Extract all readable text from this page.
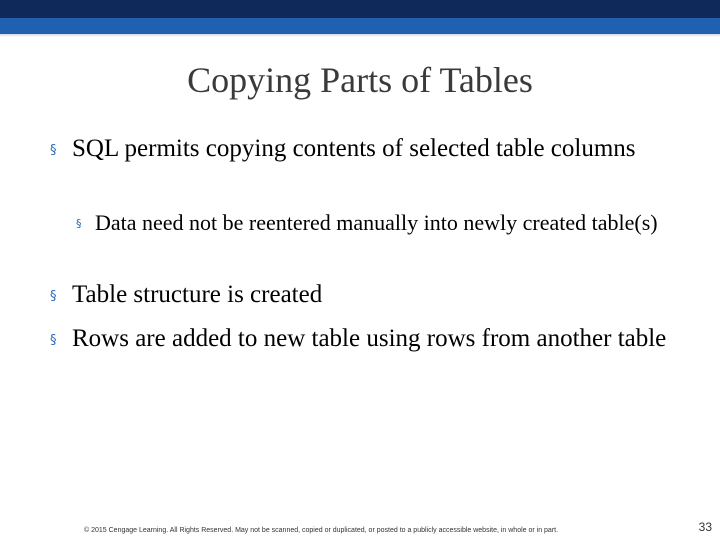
Copying Parts of Tables
§ SQL permits copying contents of selected table columns
§ Data need not be reentered manually into newly created table(s)
§ Table structure is created
§ Rows are added to new table using rows from another table
© 2015 Cengage Learning. All Rights Reserved. May not be scanned, copied or duplicated, or posted to a publicly accessible website, in whole or in part.	33
